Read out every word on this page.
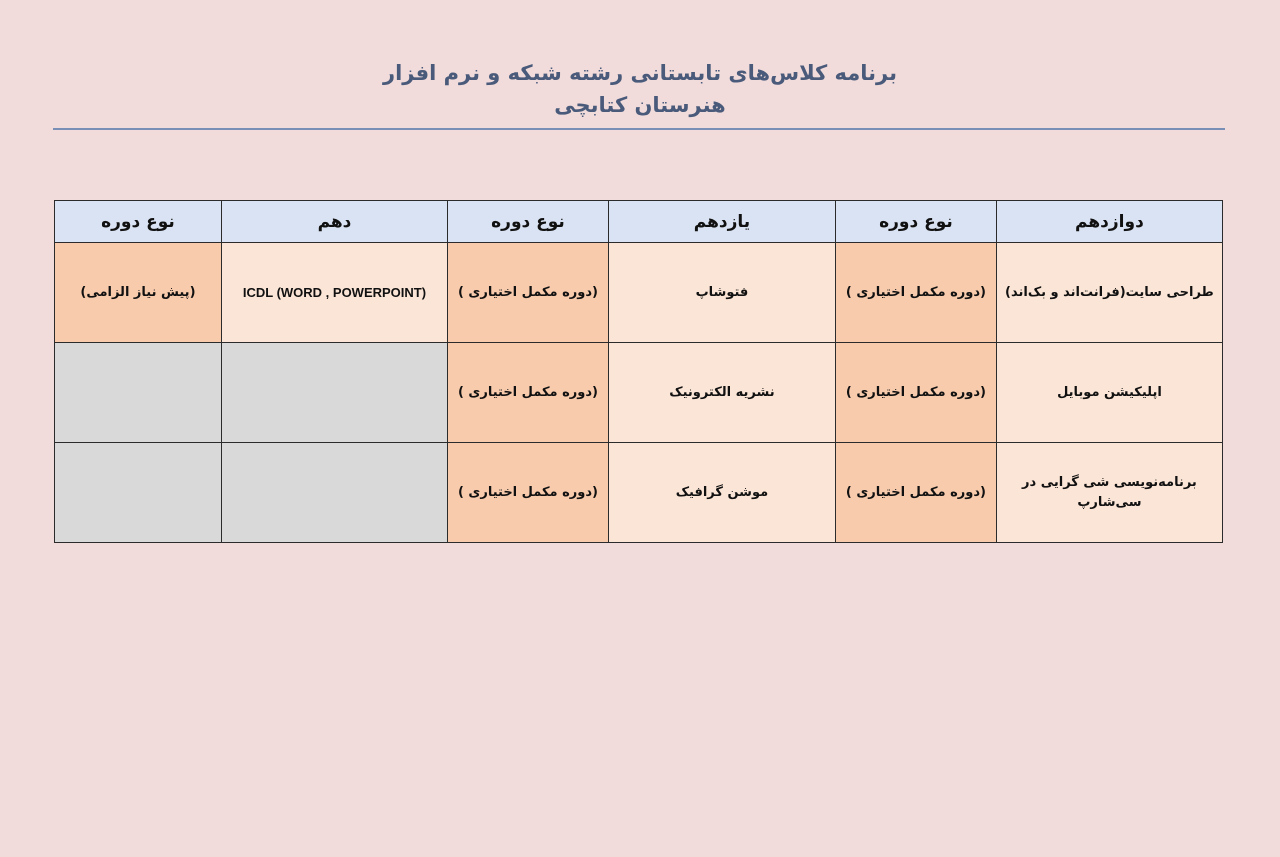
برنامه کلاس‌های تابستانی رشته شبکه و نرم افزار
هنرستان کتابچی
دوازدهم	نوع دوره	یازدهم	نوع دوره	دهم	نوع دوره
طراحی سایت(فرانت‌اند و بک‌اند)	(دوره مکمل اختیاری )	فتوشاپ	(دوره مکمل اختیاری )	ICDL (WORD , POWERPOINT)	(پیش نیاز الزامی)
اپلیکیشن موبایل	(دوره مکمل اختیاری )	نشریه الکترونیک	(دوره مکمل اختیاری )		
برنامه‌نویسی شی گرایی در سی‌شارپ	(دوره مکمل اختیاری )	موشن گرافیک	(دوره مکمل اختیاری )		
